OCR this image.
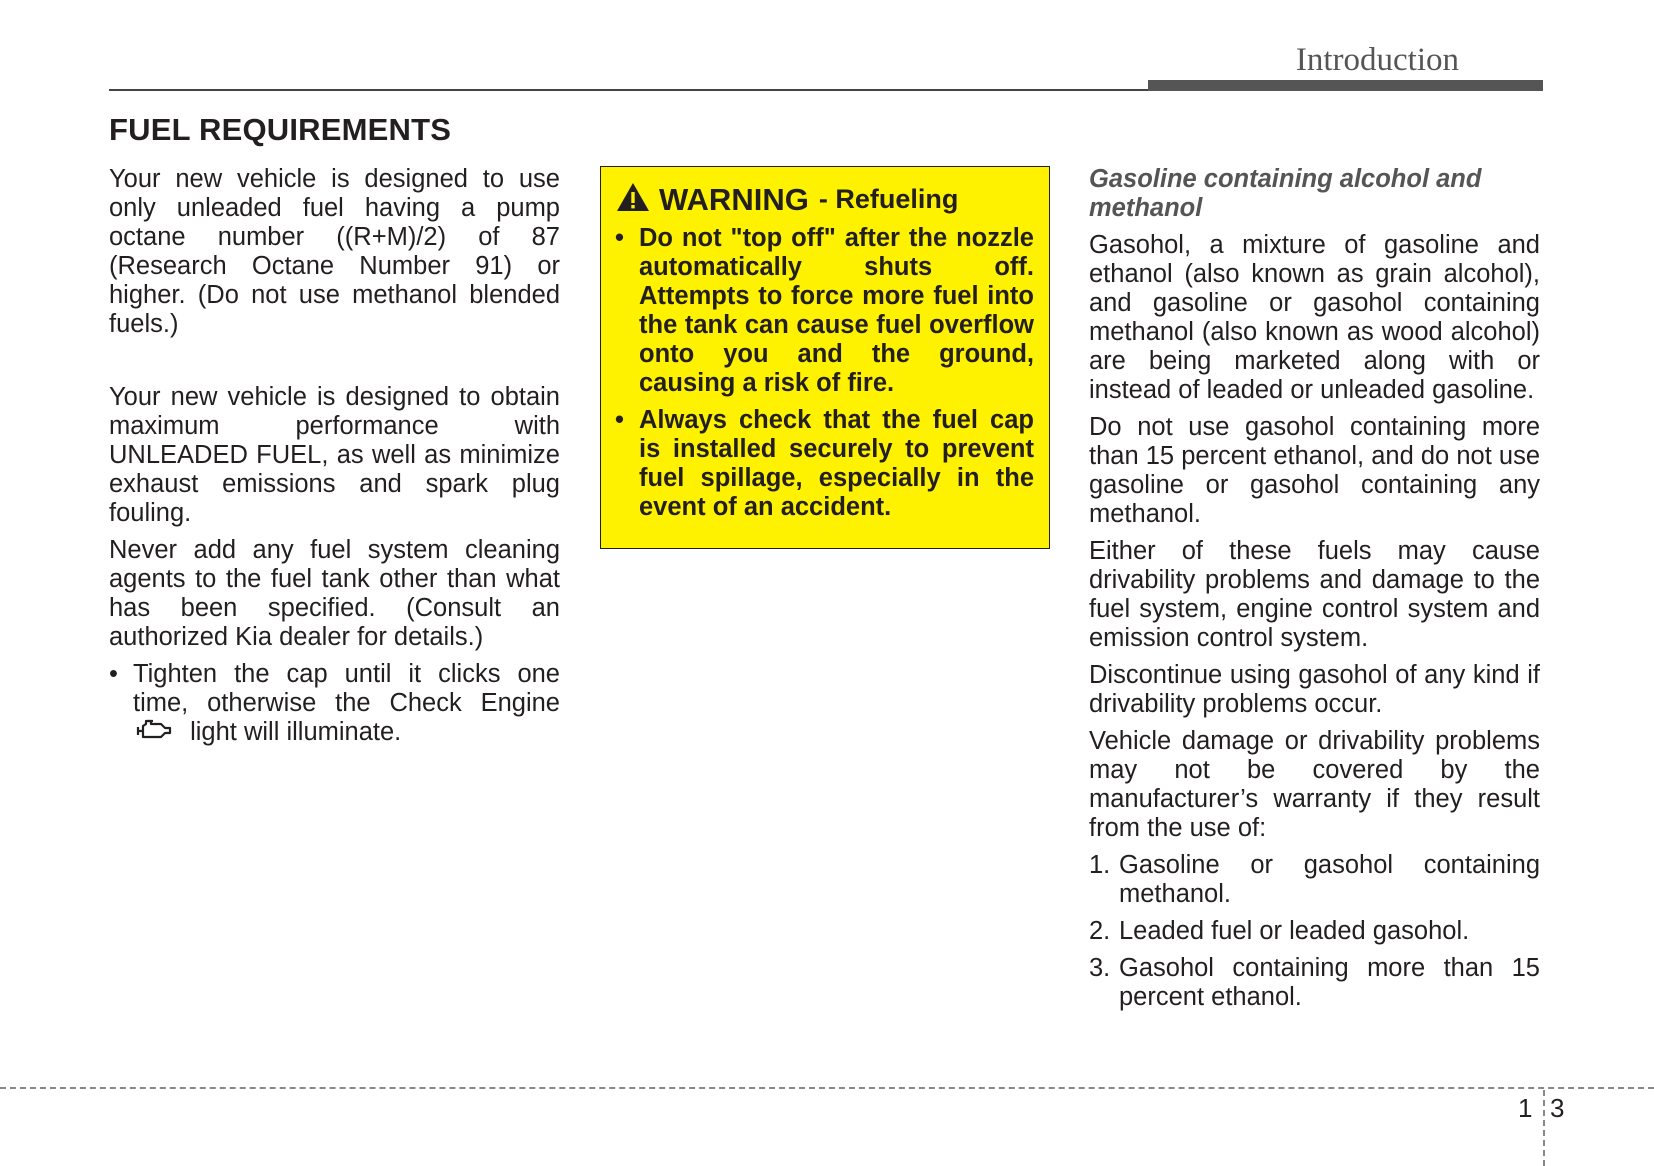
Introduction
FUEL REQUIREMENTS

Your new vehicle is designed to use only unleaded fuel having a pump octane number ((R+M)/2) of 87 (Research Octane Number 91) or higher. (Do not use methanol blended fuels.)

Your new vehicle is designed to obtain maximum performance with UNLEADED FUEL, as well as minimize exhaust emissions and spark plug fouling.

Never add any fuel system cleaning agents to the fuel tank other than what has been specified. (Consult an authorized Kia dealer for details.)

• Tighten the cap until it clicks one time, otherwise the Check Engine  light will illuminate.
WARNING - Refueling
• Do not "top off" after the nozzle automatically shuts off. Attempts to force more fuel into the tank can cause fuel overflow onto you and the ground, causing a risk of fire.
• Always check that the fuel cap is installed securely to prevent fuel spillage, especially in the event of an accident.

Gasoline containing alcohol and methanol

Gasohol, a mixture of gasoline and ethanol (also known as grain alcohol), and gasoline or gasohol containing methanol (also known as wood alcohol) are being marketed along with or instead of leaded or unleaded gasoline.

Do not use gasohol containing more than 15 percent ethanol, and do not use gasoline or gasohol containing any methanol.

Either of these fuels may cause drivability problems and damage to the fuel system, engine control system and emission control system.

Discontinue using gasohol of any kind if drivability problems occur.

Vehicle damage or drivability problems may not be covered by the manufacturer’s warranty if they result from the use of:

1. Gasoline or gasohol containing methanol.
2. Leaded fuel or leaded gasohol.
3. Gasohol containing more than 15 percent ethanol.
1 3
